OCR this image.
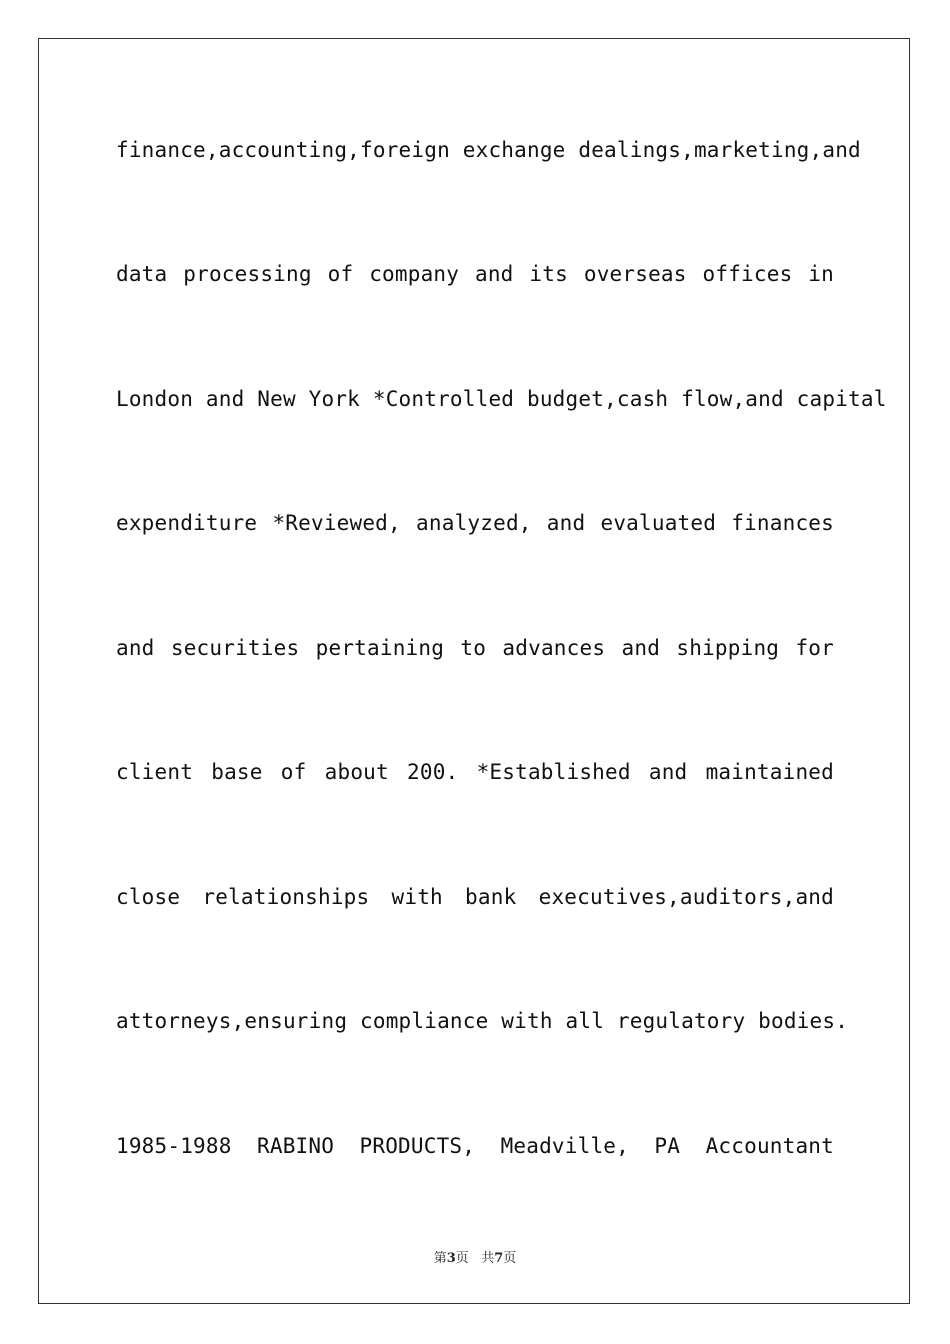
finance,accounting,foreign exchange dealings,marketing,and
data processing of company and its overseas offices in
London and New York *Controlled budget,cash flow,and capital
expenditure *Reviewed, analyzed, and evaluated finances
and securities pertaining to advances and shipping for
client base of about 200. *Established and maintained
close relationships with bank executives,auditors,and
attorneys,ensuring compliance with all regulatory bodies.
1985-1988 RABINO PRODUCTS, Meadville, PA Accountant
第3页 共7页
